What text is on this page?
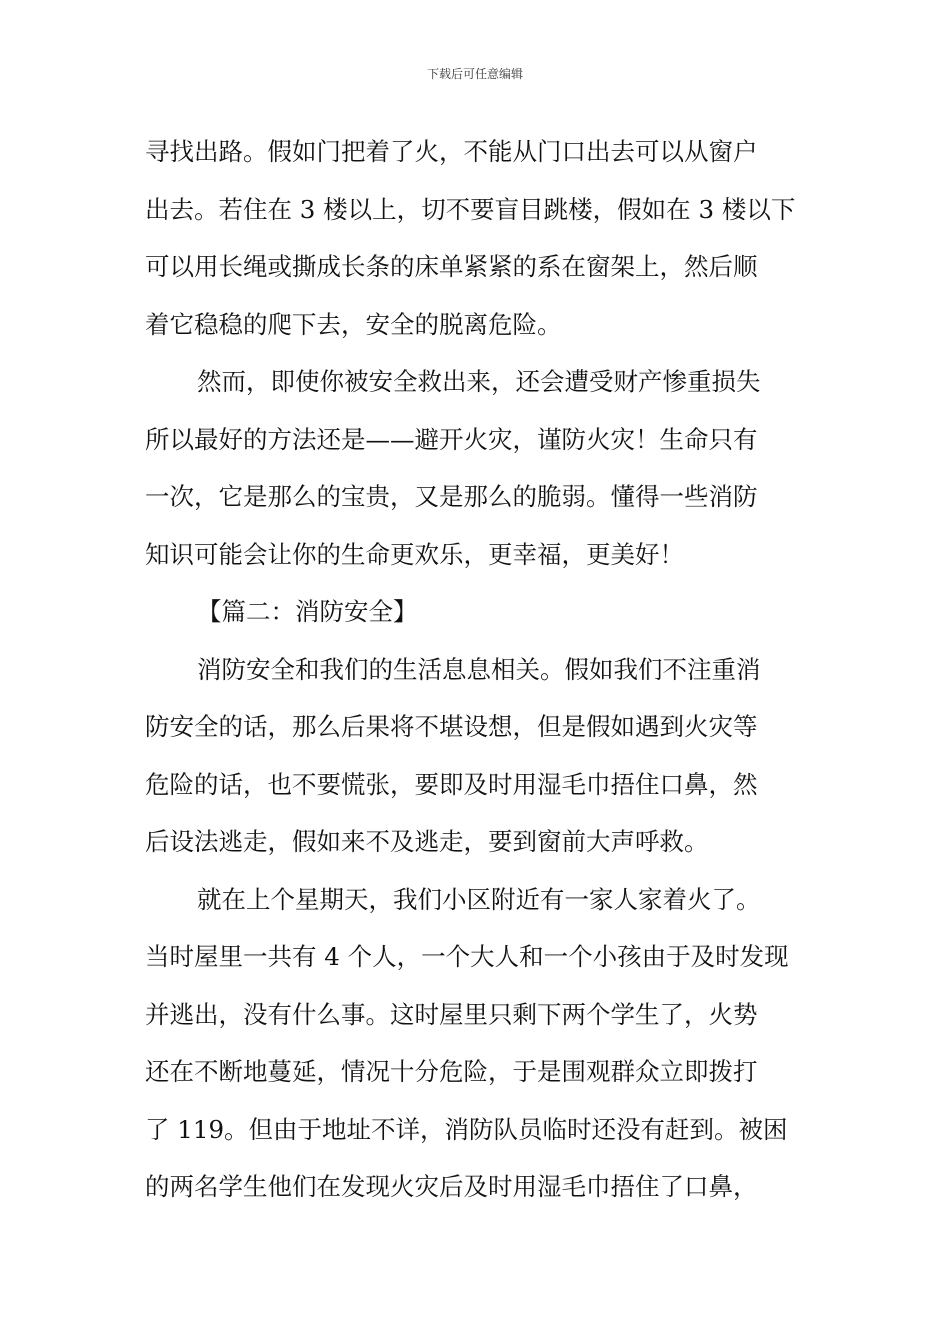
下载后可任意编辑
寻找出路。假如门把着了火，不能从门口出去可以从窗户
出去。若住在 3 楼以上，切不要盲目跳楼，假如在 3 楼以下
可以用长绳或撕成长条的床单紧紧的系在窗架上，然后顺
着它稳稳的爬下去，安全的脱离危险。
然而，即使你被安全救出来，还会遭受财产惨重损失
所以最好的方法还是——避开火灾，谨防火灾！生命只有
一次，它是那么的宝贵，又是那么的脆弱。懂得一些消防
知识可能会让你的生命更欢乐，更幸福，更美好！
【篇二：消防安全】
消防安全和我们的生活息息相关。假如我们不注重消
防安全的话，那么后果将不堪设想，但是假如遇到火灾等
危险的话，也不要慌张，要即及时用湿毛巾捂住口鼻，然
后设法逃走，假如来不及逃走，要到窗前大声呼救。
就在上个星期天，我们小区附近有一家人家着火了。
当时屋里一共有 4 个人，一个大人和一个小孩由于及时发现
并逃出，没有什么事。这时屋里只剩下两个学生了，火势
还在不断地蔓延，情况十分危险，于是围观群众立即拨打
了 119。但由于地址不详，消防队员临时还没有赶到。被困
的两名学生他们在发现火灾后及时用湿毛巾捂住了口鼻，
